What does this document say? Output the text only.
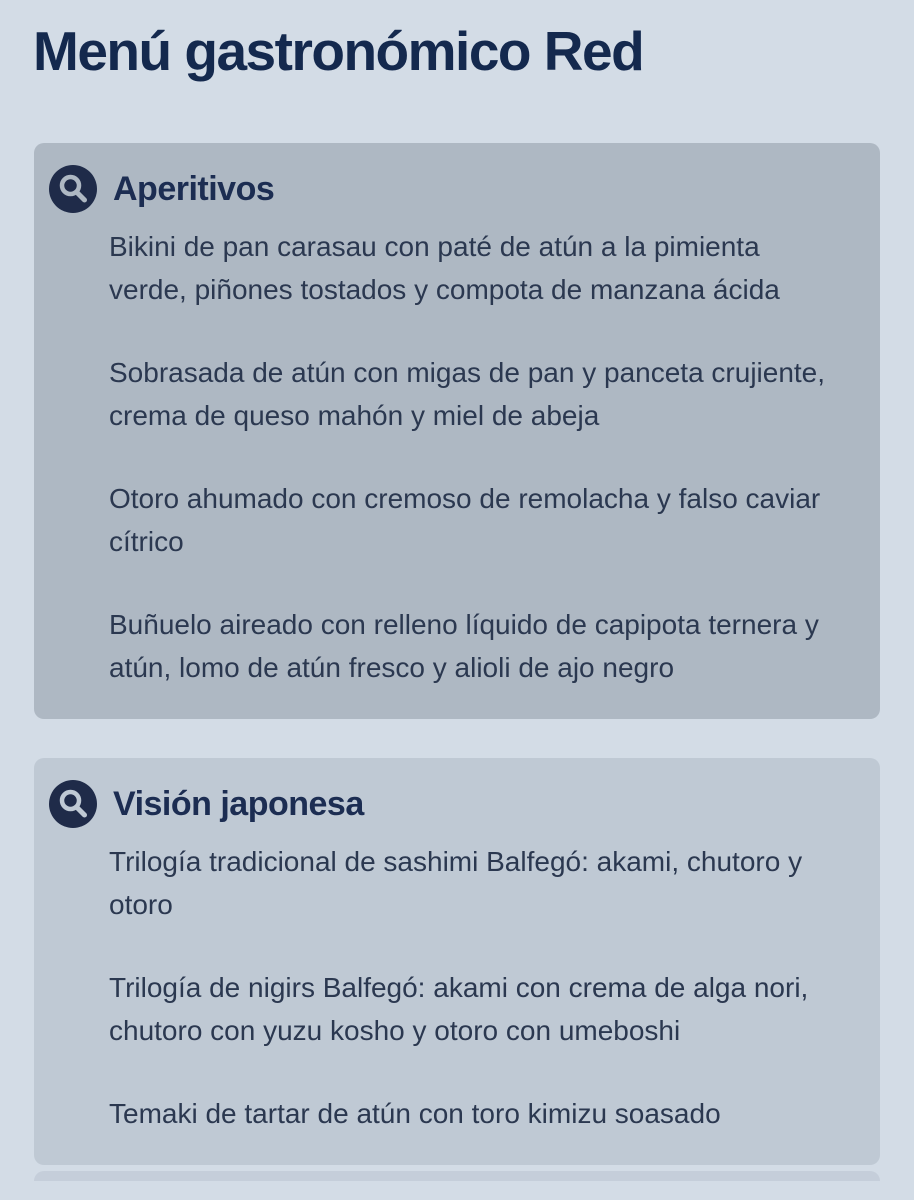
Menú gastronómico Red
Aperitivos

Bikini de pan carasau con paté de atún a la pimienta verde, piñones tostados y compota de manzana ácida

Sobrasada de atún con migas de pan y panceta crujiente, crema de queso mahón y miel de abeja

Otoro ahumado con cremoso de remolacha y falso caviar cítrico

Buñuelo aireado con relleno líquido de capipota ternera y atún, lomo de atún fresco y alioli de ajo negro

Visión japonesa

Trilogía tradicional de sashimi Balfegó: akami, chutoro y otoro

Trilogía de nigirs Balfegó: akami con crema de alga nori, chutoro con yuzu kosho y otoro con umeboshi

Temaki de tartar de atún con toro kimizu soasado
